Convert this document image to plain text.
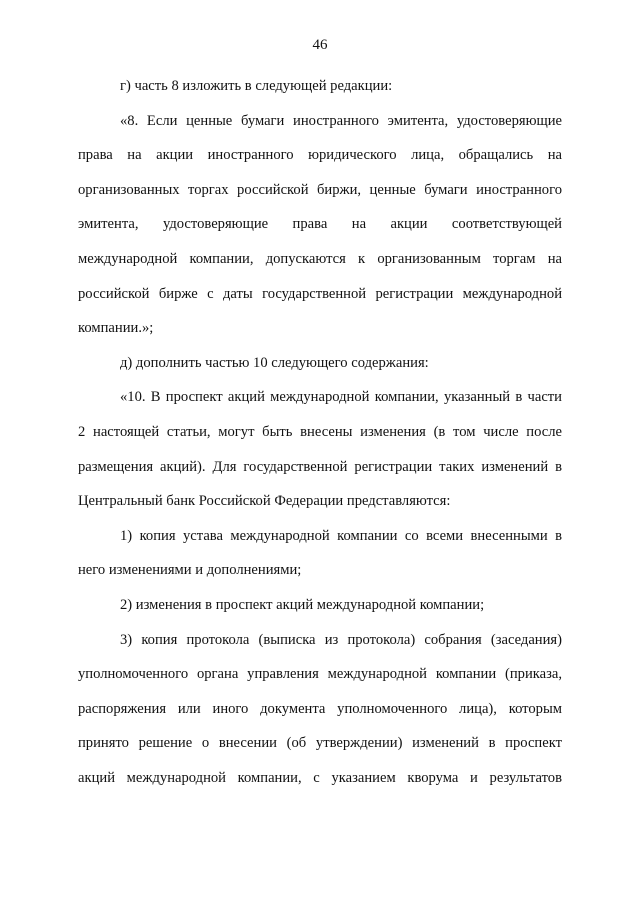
46
г) часть 8 изложить в следующей редакции:
«8. Если ценные бумаги иностранного эмитента, удостоверяющие
права на акции иностранного юридического лица, обращались на
организованных торгах российской биржи, ценные бумаги иностранного
эмитента, удостоверяющие права на акции соответствующей
международной компании, допускаются к организованным торгам на
российской бирже с даты государственной регистрации международной
компании.»;
д) дополнить частью 10 следующего содержания:
«10. В проспект акций международной компании, указанный в части
2 настоящей статьи, могут быть внесены изменения (в том числе после
размещения акций). Для государственной регистрации таких изменений в
Центральный банк Российской Федерации представляются:
1) копия устава международной компании со всеми внесенными в
него изменениями и дополнениями;
2) изменения в проспект акций международной компании;
3) копия протокола (выписка из протокола) собрания (заседания)
уполномоченного органа управления международной компании (приказа,
распоряжения или иного документа уполномоченного лица), которым
принято решение о внесении (об утверждении) изменений в проспект
акций международной компании, с указанием кворума и результатов
